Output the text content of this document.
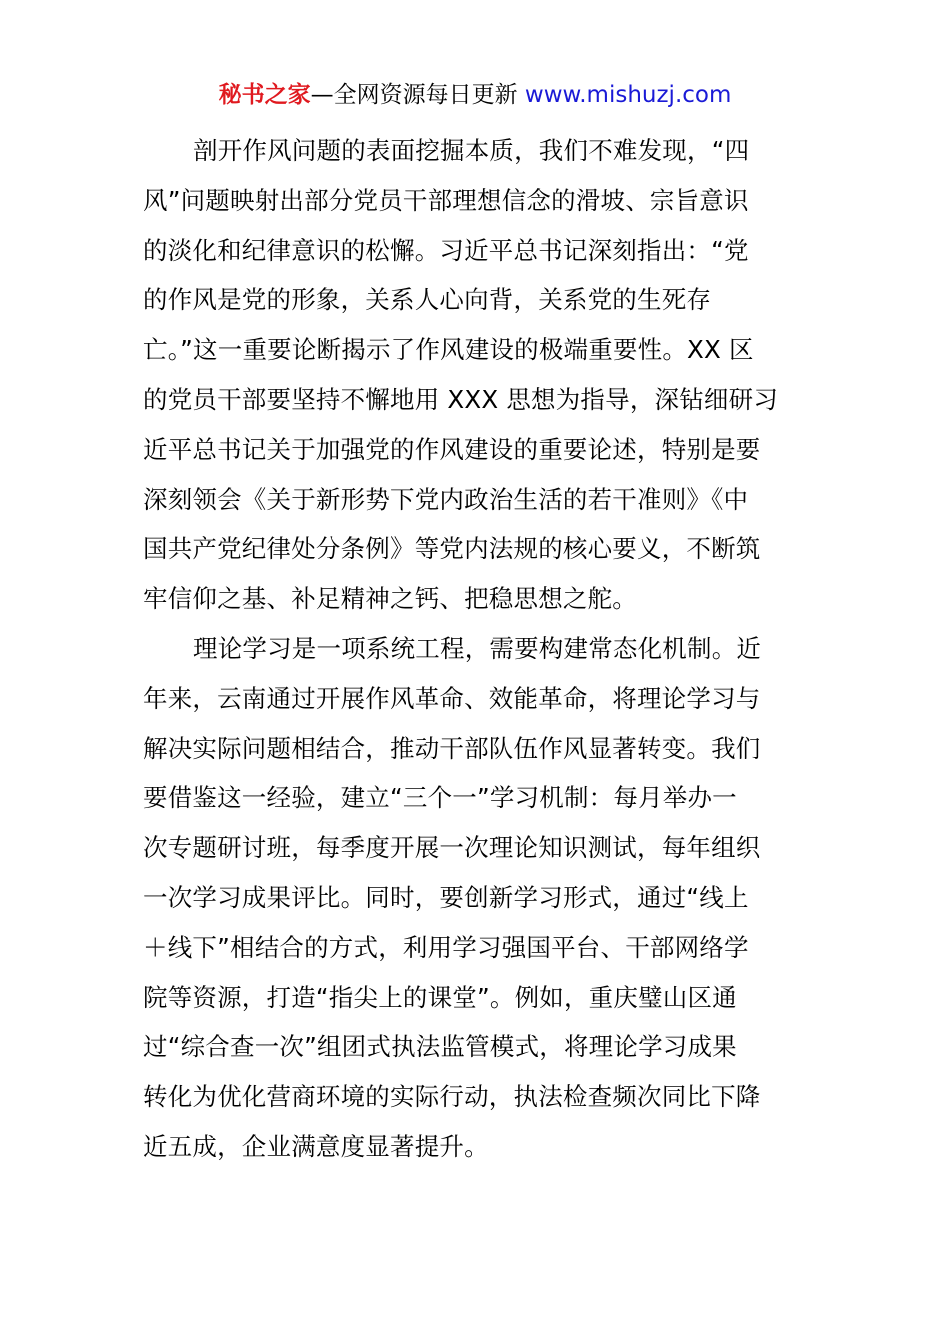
秘书之家—全网资源每日更新 www.mishuzj.com
剖开作风问题的表面挖掘本质，我们不难发现，“四
风”问题映射出部分党员干部理想信念的滑坡、宗旨意识
的淡化和纪律意识的松懈。习近平总书记深刻指出：“党
的作风是党的形象，关系人心向背，关系党的生死存
亡。”这一重要论断揭示了作风建设的极端重要性。XX 区
的党员干部要坚持不懈地用 XXX 思想为指导，深钻细研习
近平总书记关于加强党的作风建设的重要论述，特别是要
深刻领会《关于新形势下党内政治生活的若干准则》《中
国共产党纪律处分条例》等党内法规的核心要义，不断筑
牢信仰之基、补足精神之钙、把稳思想之舵。
理论学习是一项系统工程，需要构建常态化机制。近
年来，云南通过开展作风革命、效能革命，将理论学习与
解决实际问题相结合，推动干部队伍作风显著转变。我们
要借鉴这一经验，建立“三个一”学习机制：每月举办一
次专题研讨班，每季度开展一次理论知识测试，每年组织
一次学习成果评比。同时，要创新学习形式，通过“线上
＋线下”相结合的方式，利用学习强国平台、干部网络学
院等资源，打造“指尖上的课堂”。例如，重庆璧山区通
过“综合查一次”组团式执法监管模式，将理论学习成果
转化为优化营商环境的实际行动，执法检查频次同比下降
近五成，企业满意度显著提升。
